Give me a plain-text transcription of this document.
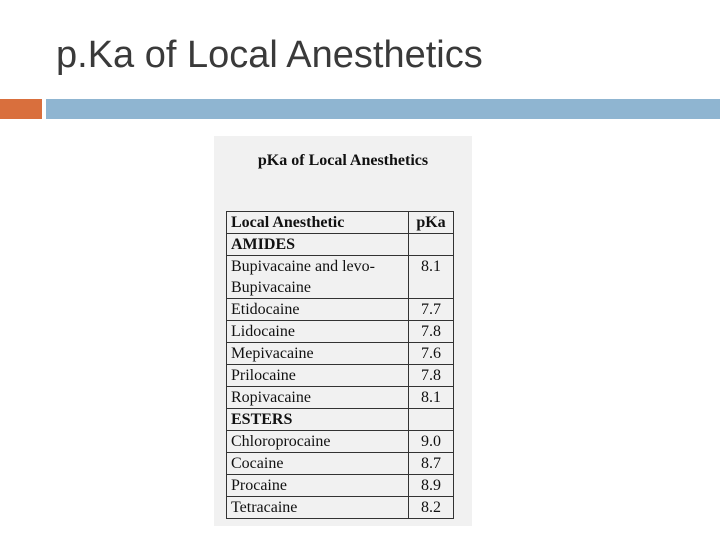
p.Ka of Local Anesthetics
pKa of Local Anesthetics
Local Anesthetic	pKa
AMIDES	

Bupivacaine and levo-
Bupivacaine	8.1
Etidocaine	7.7
Lidocaine	7.8
Mepivacaine	7.6
Prilocaine	7.8
Ropivacaine	8.1
ESTERS	
Chloroprocaine	9.0
Cocaine	8.7
Procaine	8.9
Tetracaine	8.2
